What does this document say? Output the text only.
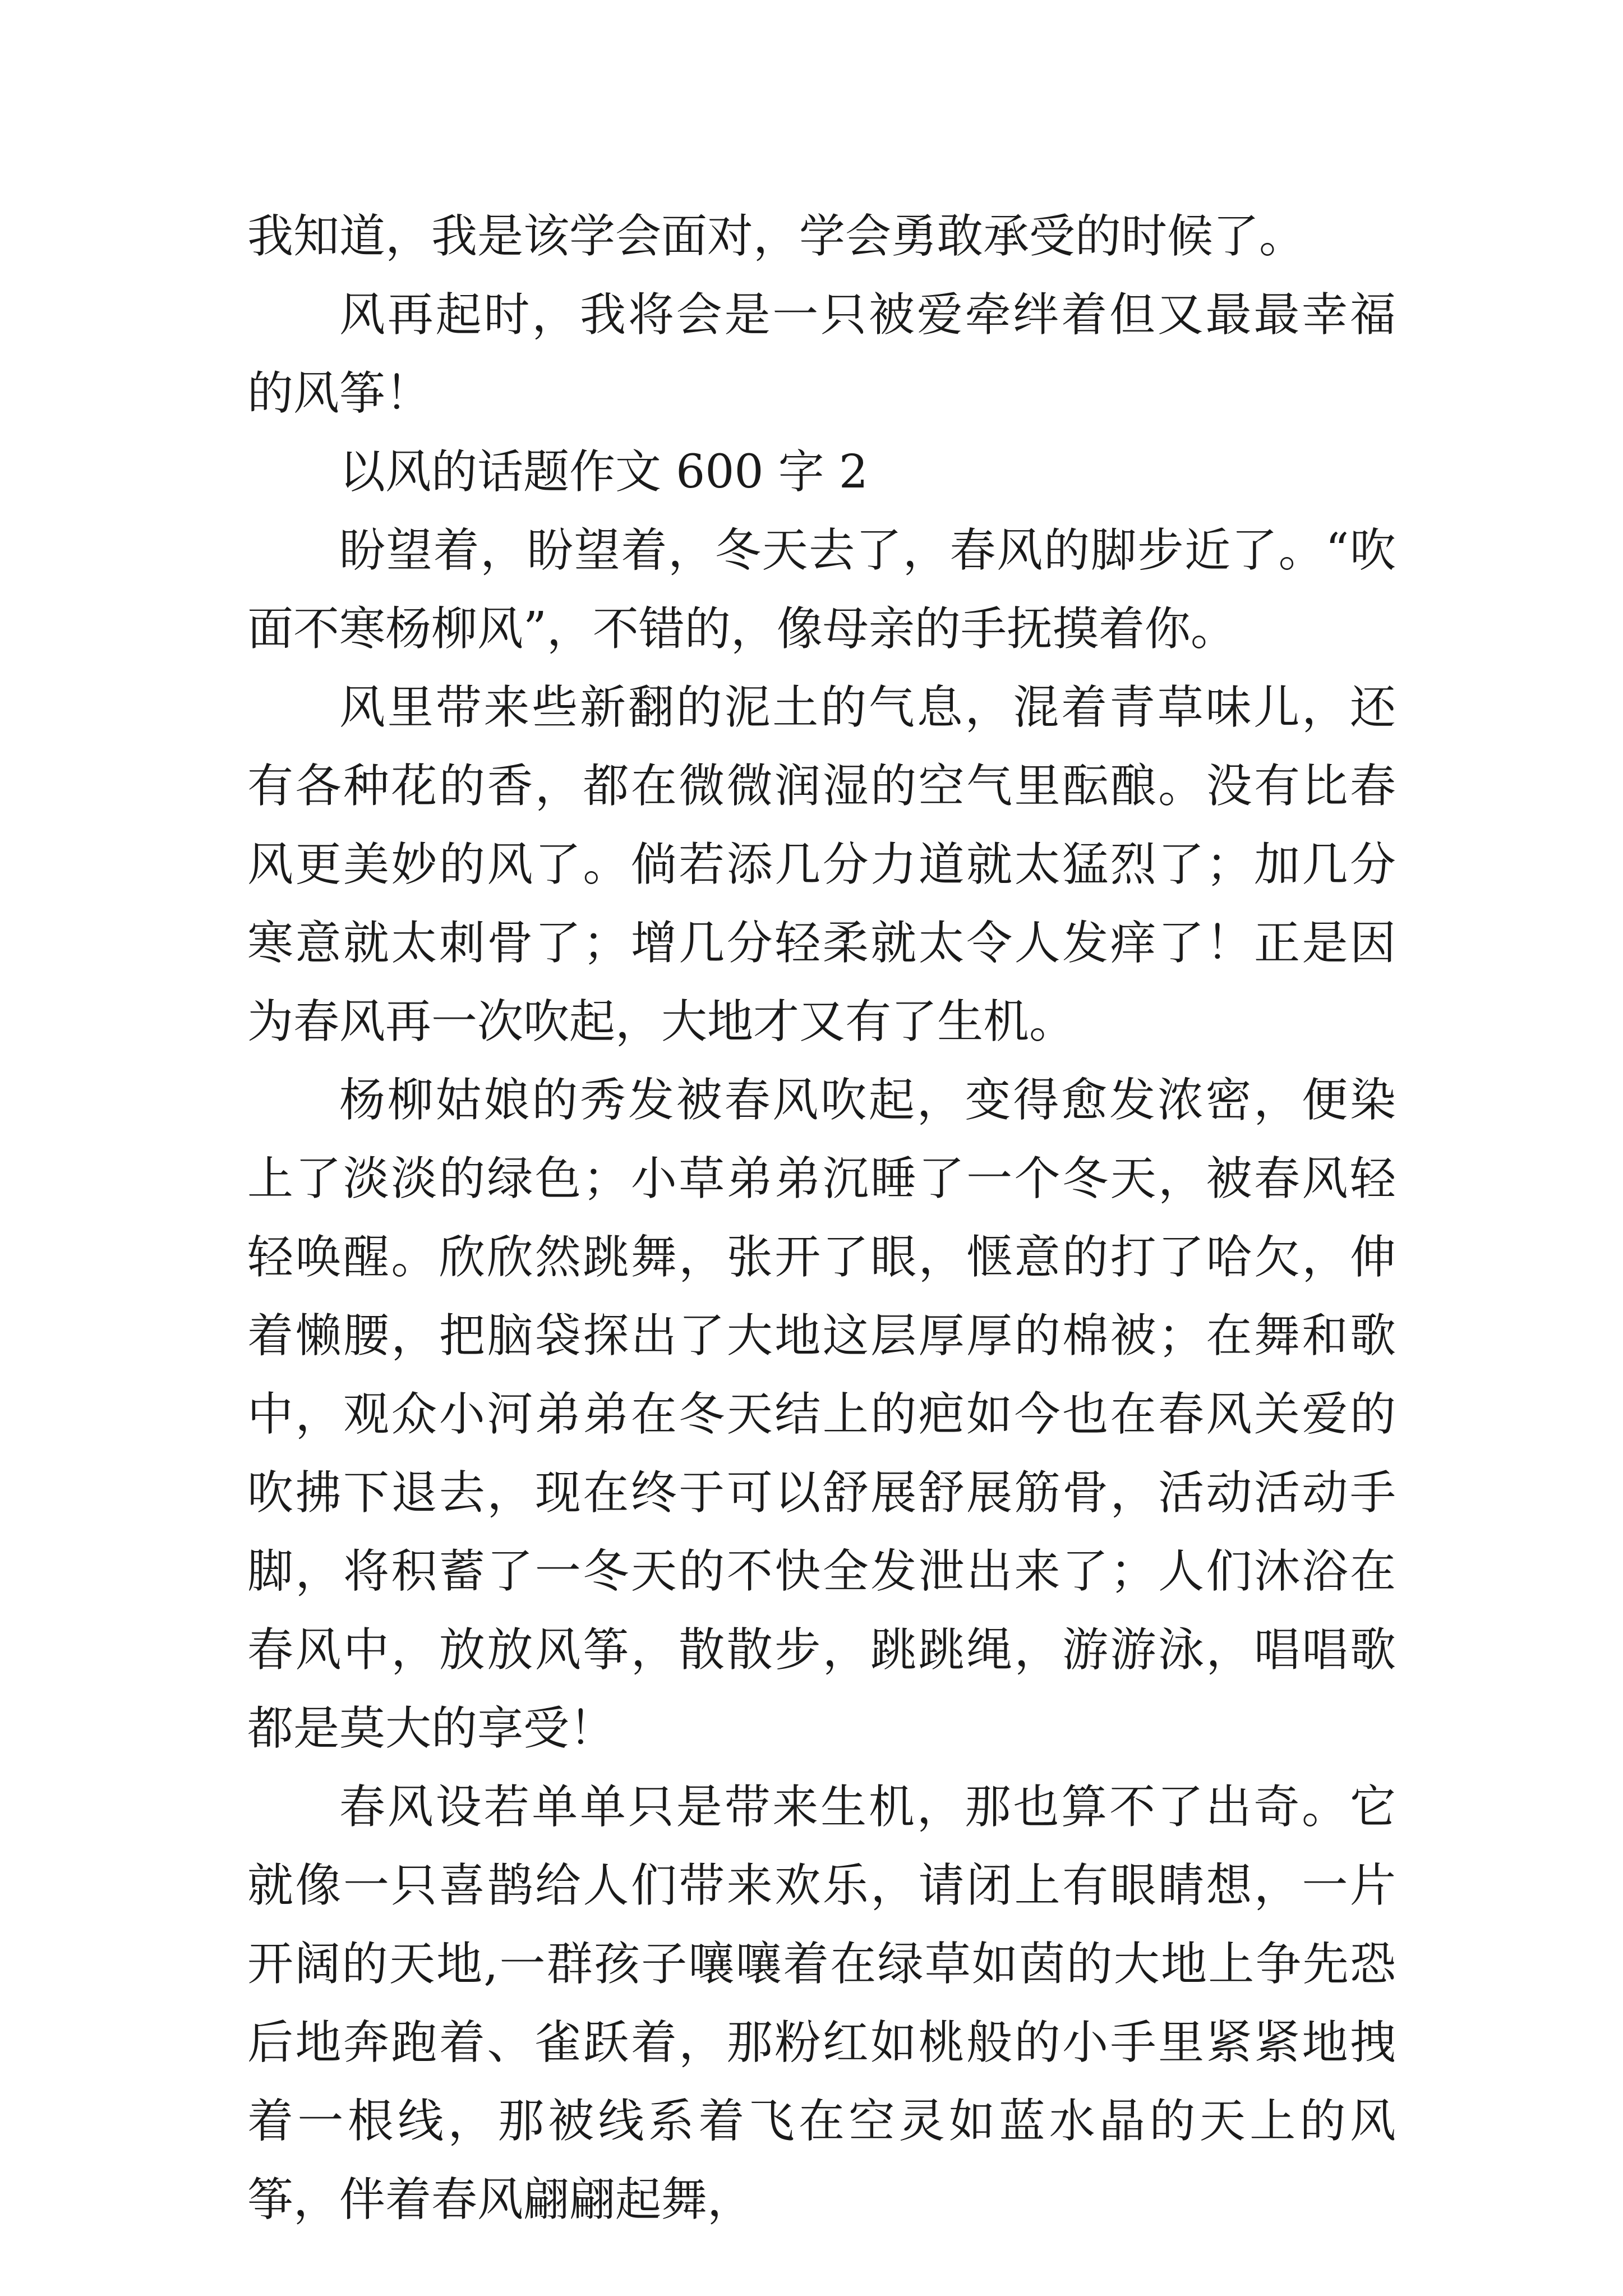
我知道，我是该学会面对，学会勇敢承受的时候了。

风再起时，我将会是一只被爱牵绊着但又最最幸福的风筝！

以风的话题作文 600 字 2

盼望着，盼望着，冬天去了，春风的脚步近了。“吹面不寒杨柳风”，不错的，像母亲的手抚摸着你。

风里带来些新翻的泥土的气息，混着青草味儿，还有各种花的香，都在微微润湿的空气里酝酿。没有比春风更美妙的风了。倘若添几分力道就太猛烈了；加几分寒意就太刺骨了；增几分轻柔就太令人发痒了！正是因为春风再一次吹起，大地才又有了生机。

杨柳姑娘的秀发被春风吹起，变得愈发浓密，便染上了淡淡的绿色；小草弟弟沉睡了一个冬天，被春风轻轻唤醒。欣欣然跳舞，张开了眼，惬意的打了哈欠，伸着懒腰，把脑袋探出了大地这层厚厚的棉被；在舞和歌中，观众小河弟弟在冬天结上的疤如今也在春风关爱的吹拂下退去，现在终于可以舒展舒展筋骨，活动活动手脚，将积蓄了一冬天的不快全发泄出来了；人们沐浴在春风中，放放风筝，散散步，跳跳绳，游游泳，唱唱歌都是莫大的享受！

春风设若单单只是带来生机，那也算不了出奇。它就像一只喜鹊给人们带来欢乐，请闭上有眼睛想，一片开阔的天地,一群孩子嚷嚷着在绿草如茵的大地上争先恐后地奔跑着、雀跃着，那粉红如桃般的小手里紧紧地拽着一根线，那被线系着飞在空灵如蓝水晶的天上的风筝，伴着春风翩翩起舞，
